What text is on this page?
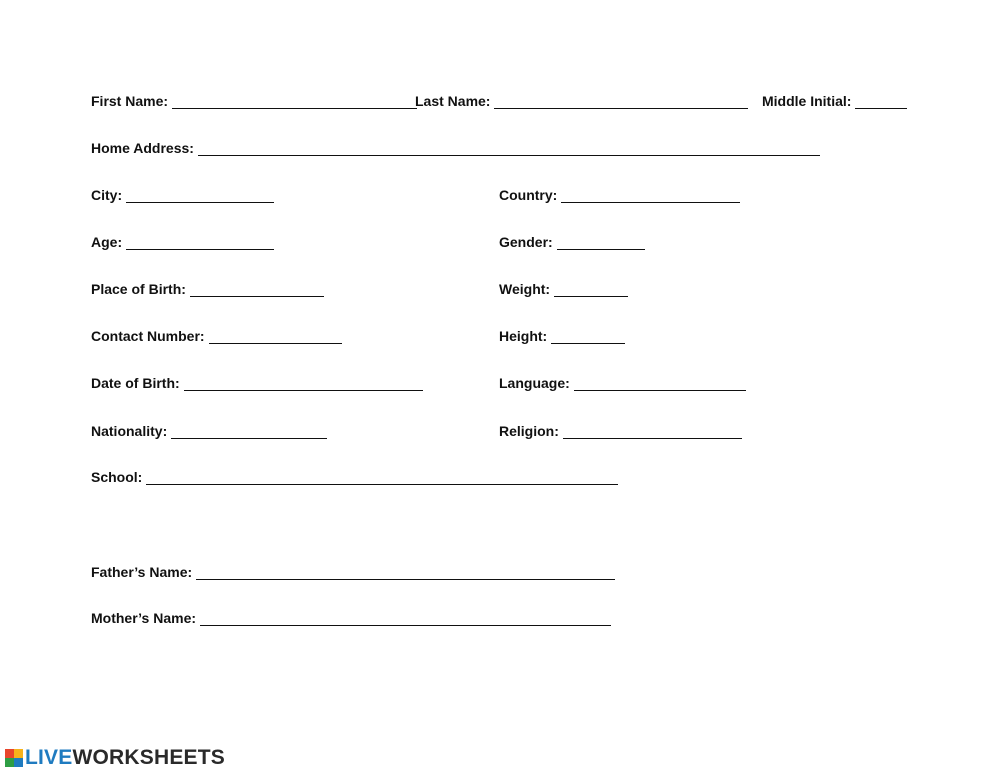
First Name:	Last Name:	Middle Initial:
Home Address:
City:	Country:
Age:	Gender:
Place of Birth:	Weight:
Contact Number:	Height:
Date of Birth:	Language:
Nationality:	Religion:
School:
Father’s Name:
Mother’s Name:
LIVEWORKSHEETS
